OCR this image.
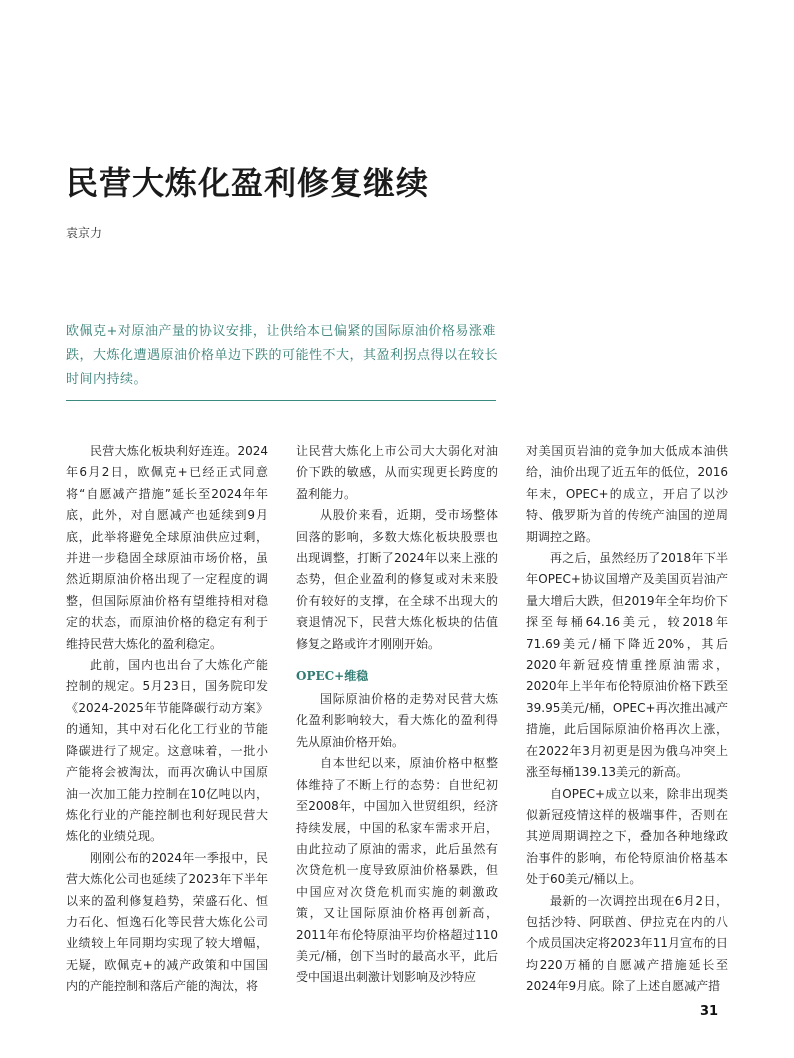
民营大炼化盈利修复继续
袁京力
欧佩克+对原油产量的协议安排，让供给本已偏紧的国际原油价格易涨难跌，大炼化遭遇原油价格单边下跌的可能性不大，其盈利拐点得以在较长时间内持续。

民营大炼化板块利好连连。2024年6月2日，欧佩克+已经正式同意将“自愿减产措施”延长至2024年年底，此外，对自愿减产也延续到9月底，此举将避免全球原油供应过剩，并进一步稳固全球原油市场价格，虽然近期原油价格出现了一定程度的调整，但国际原油价格有望维持相对稳定的状态，而原油价格的稳定有利于维持民营大炼化的盈利稳定。

此前，国内也出台了大炼化产能控制的规定。5月23日，国务院印发《2024-2025年节能降碳行动方案》的通知，其中对石化化工行业的节能降碳进行了规定。这意味着，一批小产能将会被淘汰，而再次确认中国原油一次加工能力控制在10亿吨以内，炼化行业的产能控制也利好现民营大炼化的业绩兑现。

刚刚公布的2024年一季报中，民营大炼化公司也延续了2023年下半年以来的盈利修复趋势，荣盛石化、恒力石化、恒逸石化等民营大炼化公司业绩较上年同期均实现了较大增幅，无疑，欧佩克+的减产政策和中国国内的产能控制和落后产能的淘汰，将

让民营大炼化上市公司大大弱化对油价下跌的敏感，从而实现更长跨度的盈利能力。

从股价来看，近期，受市场整体回落的影响，多数大炼化板块股票也出现调整，打断了2024年以来上涨的态势，但企业盈利的修复或对未来股价有较好的支撑，在全球不出现大的衰退情况下，民营大炼化板块的估值修复之路或许才刚刚开始。

OPEC+维稳

国际原油价格的走势对民营大炼化盈利影响较大，看大炼化的盈利得先从原油价格开始。

自本世纪以来，原油价格中枢整体维持了不断上行的态势：自世纪初至2008年，中国加入世贸组织，经济持续发展，中国的私家车需求开启，由此拉动了原油的需求，此后虽然有次贷危机一度导致原油价格暴跌，但中国应对次贷危机而实施的刺激政策，又让国际原油价格再创新高，2011年布伦特原油平均价格超过110美元/桶，创下当时的最高水平，此后受中国退出刺激计划影响及沙特应

对美国页岩油的竞争加大低成本油供给，油价出现了近五年的低位，2016年末，OPEC+的成立，开启了以沙特、俄罗斯为首的传统产油国的逆周期调控之路。

再之后，虽然经历了2018年下半年OPEC+协议国增产及美国页岩油产量大增后大跌，但2019年全年均价下探至每桶64.16美元，较2018年71.69美元/桶下降近20%，其后2020年新冠疫情重挫原油需求，2020年上半年布伦特原油价格下跌至39.95美元/桶，OPEC+再次推出减产措施，此后国际原油价格再次上涨，在2022年3月初更是因为俄乌冲突上涨至每桶139.13美元的新高。

自OPEC+成立以来，除非出现类似新冠疫情这样的极端事件，否则在其逆周期调控之下，叠加各种地缘政治事件的影响，布伦特原油价格基本处于60美元/桶以上。

最新的一次调控出现在6月2日，包括沙特、阿联酋、伊拉克在内的八个成员国决定将2023年11月宣布的日均220万桶的自愿减产措施延长至2024年9月底。除了上述自愿减产措

31
